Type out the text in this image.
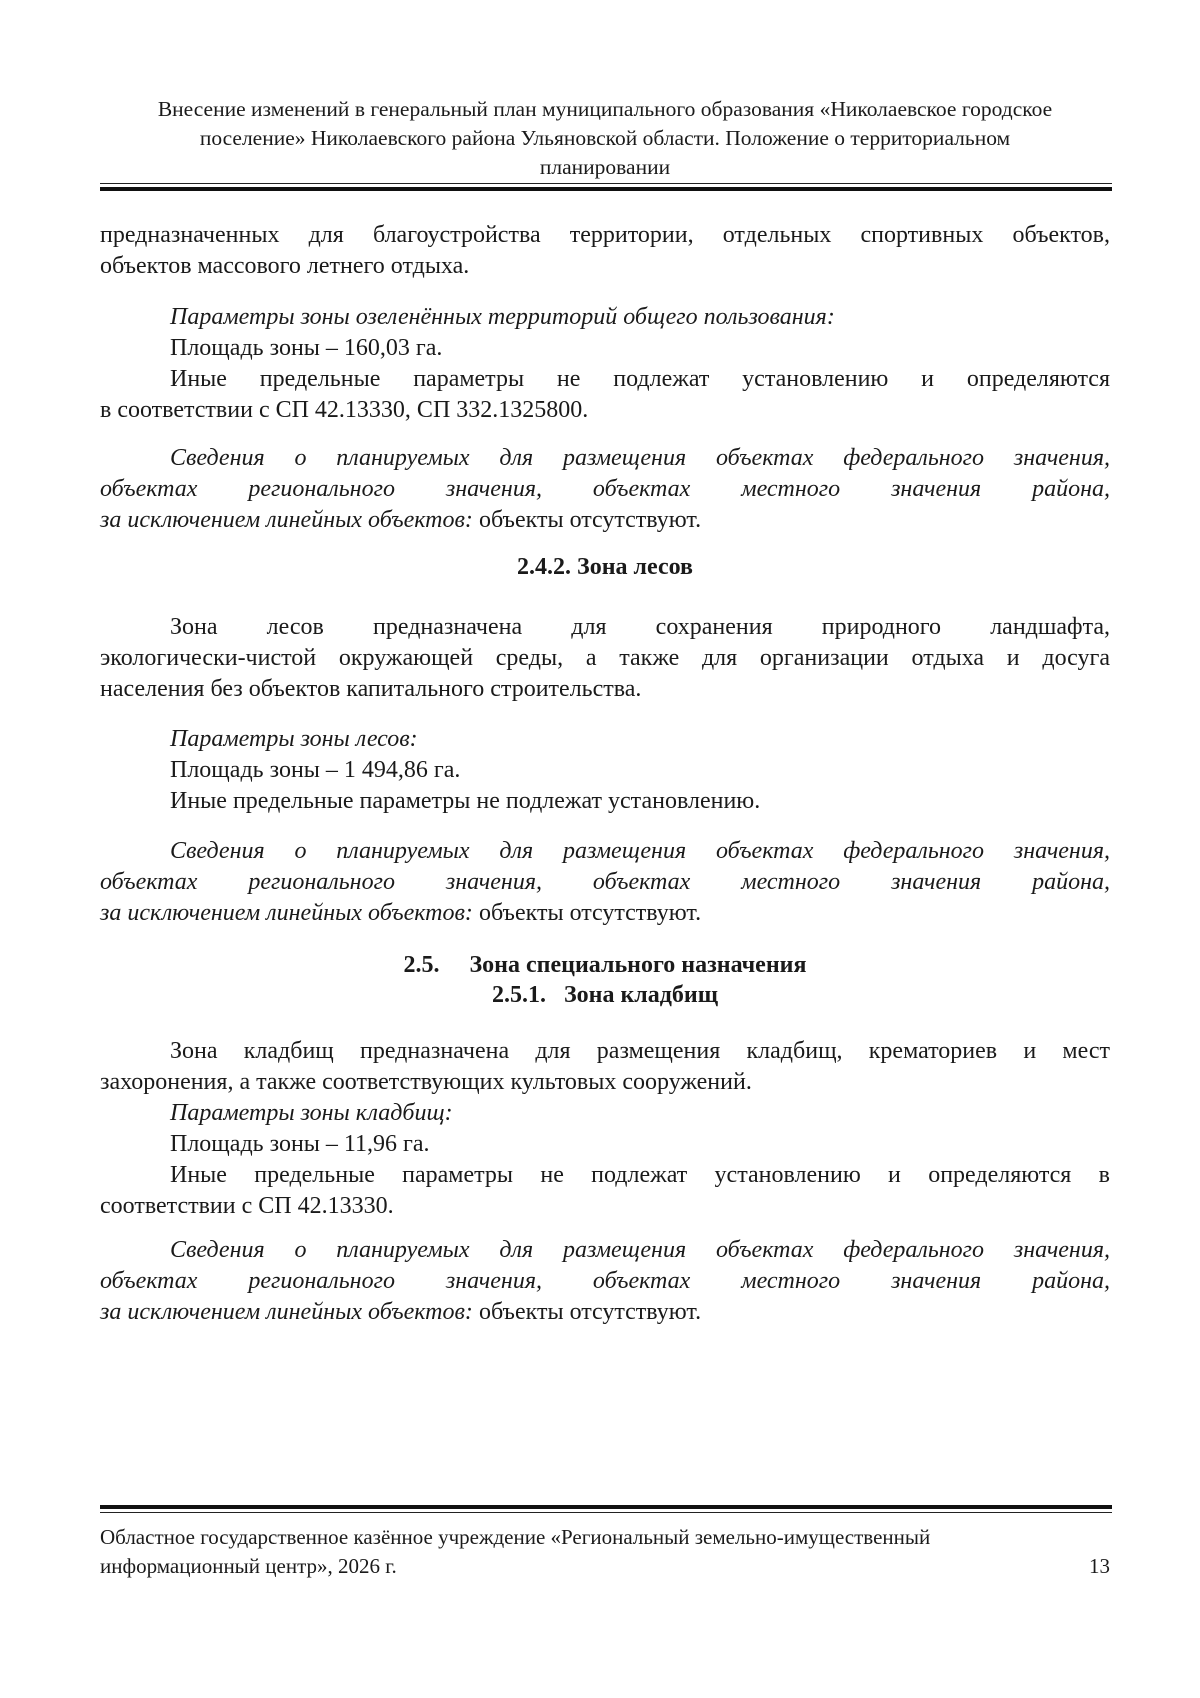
Внесение изменений в генеральный план муниципального образования «Николаевское городское
поселение» Николаевского района Ульяновской области. Положение о территориальном
планировании
предназначенных для благоустройства территории, отдельных спортивных объектов,
объектов массового летнего отдыха.
Параметры зоны озеленённых территорий общего пользования:
Площадь зоны – 160,03 га.
Иные предельные параметры не подлежат установлению и определяются
в соответствии с СП 42.13330, СП 332.1325800.
Сведения о планируемых для размещения объектах федерального значения,
объектах регионального значения, объектах местного значения района,
за исключением линейных объектов: объекты отсутствуют.
2.4.2. Зона лесов
Зона лесов предназначена для сохранения природного ландшафта,
экологически-чистой окружающей среды, а также для организации отдыха и досуга
населения без объектов капитального строительства.
Параметры зоны лесов:
Площадь зоны – 1 494,86 га.
Иные предельные параметры не подлежат установлению.
Сведения о планируемых для размещения объектах федерального значения,
объектах регионального значения, объектах местного значения района,
за исключением линейных объектов: объекты отсутствуют.
2.5.     Зона специального назначения
2.5.1.   Зона кладбищ
Зона кладбищ предназначена для размещения кладбищ, крематориев и мест
захоронения, а также соответствующих культовых сооружений.
Параметры зоны кладбищ:
Площадь зоны – 11,96 га.
Иные предельные параметры не подлежат установлению и определяются в
соответствии с СП 42.13330.
Сведения о планируемых для размещения объектах федерального значения,
объектах регионального значения, объектах местного значения района,
за исключением линейных объектов: объекты отсутствуют.
Областное государственное казённое учреждение «Региональный земельно-имущественный
информационный центр», 2026 г.	13
